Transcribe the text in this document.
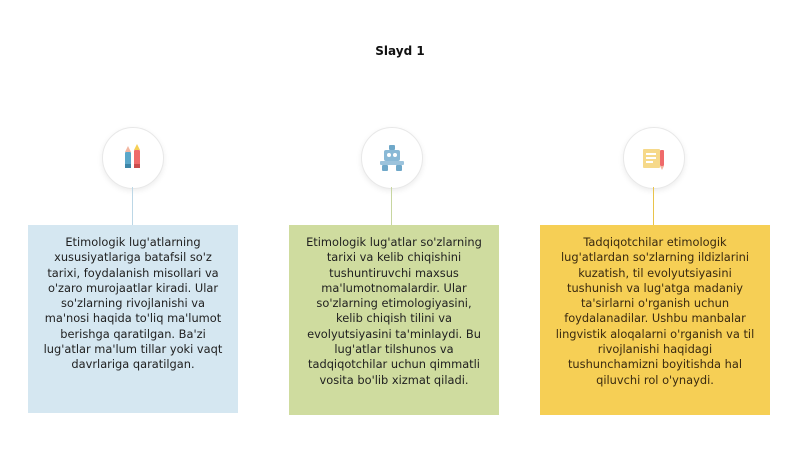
Slayd 1
Etimologik lug'atlarning xususiyatlariga batafsil so'z tarixi, foydalanish misollari va o'zaro murojaatlar kiradi. Ular so'zlarning rivojlanishi va ma'nosi haqida to'liq ma'lumot berishga qaratilgan. Ba'zi lug'atlar ma'lum tillar yoki vaqt davrlariga qaratilgan.
Etimologik lug'atlar so'zlarning tarixi va kelib chiqishini tushuntiruvchi maxsus ma'lumotnomalardir. Ular so'zlarning etimologiyasini, kelib chiqish tilini va evolyutsiyasini ta'minlaydi. Bu lug'atlar tilshunos va tadqiqotchilar uchun qimmatli vosita bo'lib xizmat qiladi.
Tadqiqotchilar etimologik lug'atlardan so'zlarning ildizlarini kuzatish, til evolyutsiyasini tushunish va lug'atga madaniy ta'sirlarni o'rganish uchun foydalanadilar. Ushbu manbalar lingvistik aloqalarni o'rganish va til rivojlanishi haqidagi tushunchamizni boyitishda hal qiluvchi rol o'ynaydi.
